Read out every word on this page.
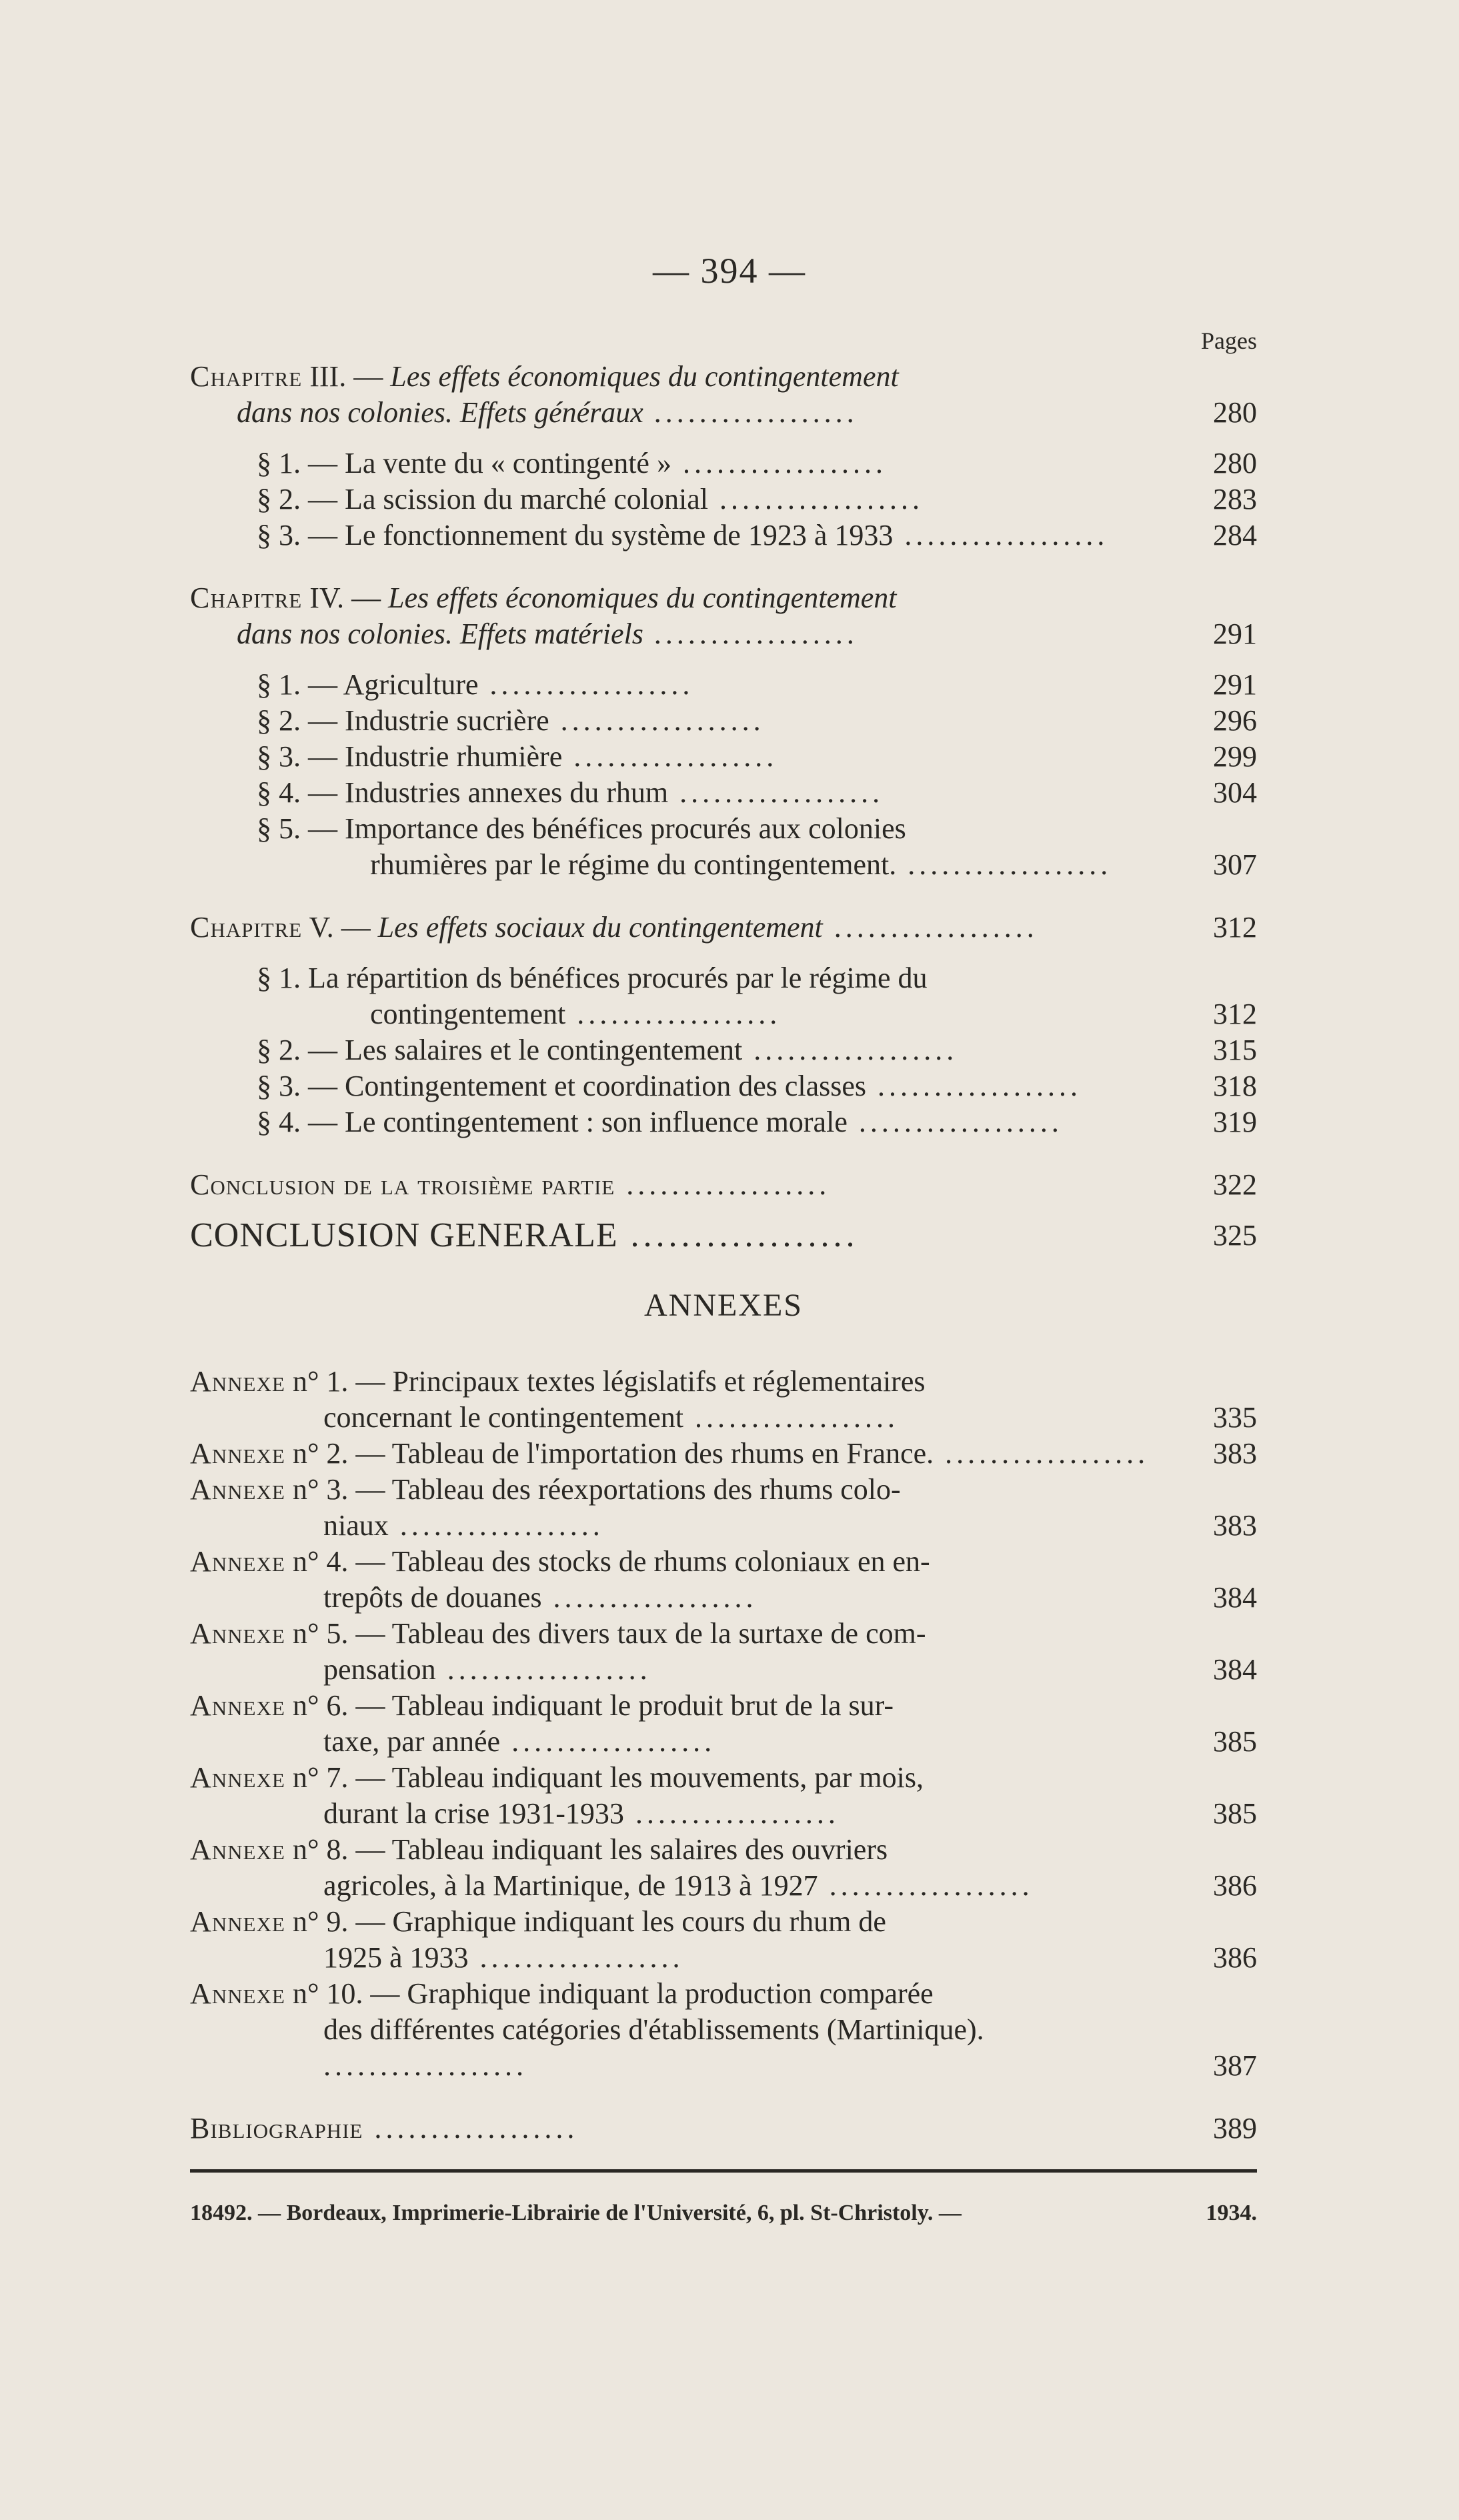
— 394 —
Pages
Chapitre III. — Les effets économiques du contingentement
dans nos colonies. Effets généraux ..................	280
§ 1. — La vente du « contingenté » ..................	280
§ 2. — La scission du marché colonial ..................	283
§ 3. — Le fonctionnement du système de 1923 à 1933 ..................	284
Chapitre IV. — Les effets économiques du contingentement
dans nos colonies. Effets matériels ..................	291
§ 1. — Agriculture ..................	291
§ 2. — Industrie sucrière ..................	296
§ 3. — Industrie rhumière ..................	299
§ 4. — Industries annexes du rhum ..................	304
§ 5. — Importance des bénéfices procurés aux colonies
rhumières par le régime du contingentement. ..................	307
Chapitre V. — Les effets sociaux du contingentement ..................	312
§ 1. La répartition ds bénéfices procurés par le régime du
contingentement ..................	312
§ 2. — Les salaires et le contingentement ..................	315
§ 3. — Contingentement et coordination des classes ..................	318
§ 4. — Le contingentement : son influence morale ..................	319
Conclusion de la troisième partie ..................	322
CONCLUSION GENERALE ..................	325
ANNEXES
Annexe n° 1. — Principaux textes législatifs et réglementaires
concernant le contingentement ..................	335
Annexe n° 2. — Tableau de l'importation des rhums en France. ..................	383
Annexe n° 3. — Tableau des réexportations des rhums colo-
niaux ..................	383
Annexe n° 4. — Tableau des stocks de rhums coloniaux en en-
trepôts de douanes ..................	384
Annexe n° 5. — Tableau des divers taux de la surtaxe de com-
pensation ..................	384
Annexe n° 6. — Tableau indiquant le produit brut de la sur-
taxe, par année ..................	385
Annexe n° 7. — Tableau indiquant les mouvements, par mois,
durant la crise 1931-1933 ..................	385
Annexe n° 8. — Tableau indiquant les salaires des ouvriers
agricoles, à la Martinique, de 1913 à 1927 ..................	386
Annexe n° 9. — Graphique indiquant les cours du rhum de
1925 à 1933 ..................	386
Annexe n° 10. — Graphique indiquant la production comparée
des différentes catégories d'établissements (Martinique). ..................	387
Bibliographie ..................	389
18492. — Bordeaux, Imprimerie-Librairie de l'Université, 6, pl. St-Christoly. —	1934.
